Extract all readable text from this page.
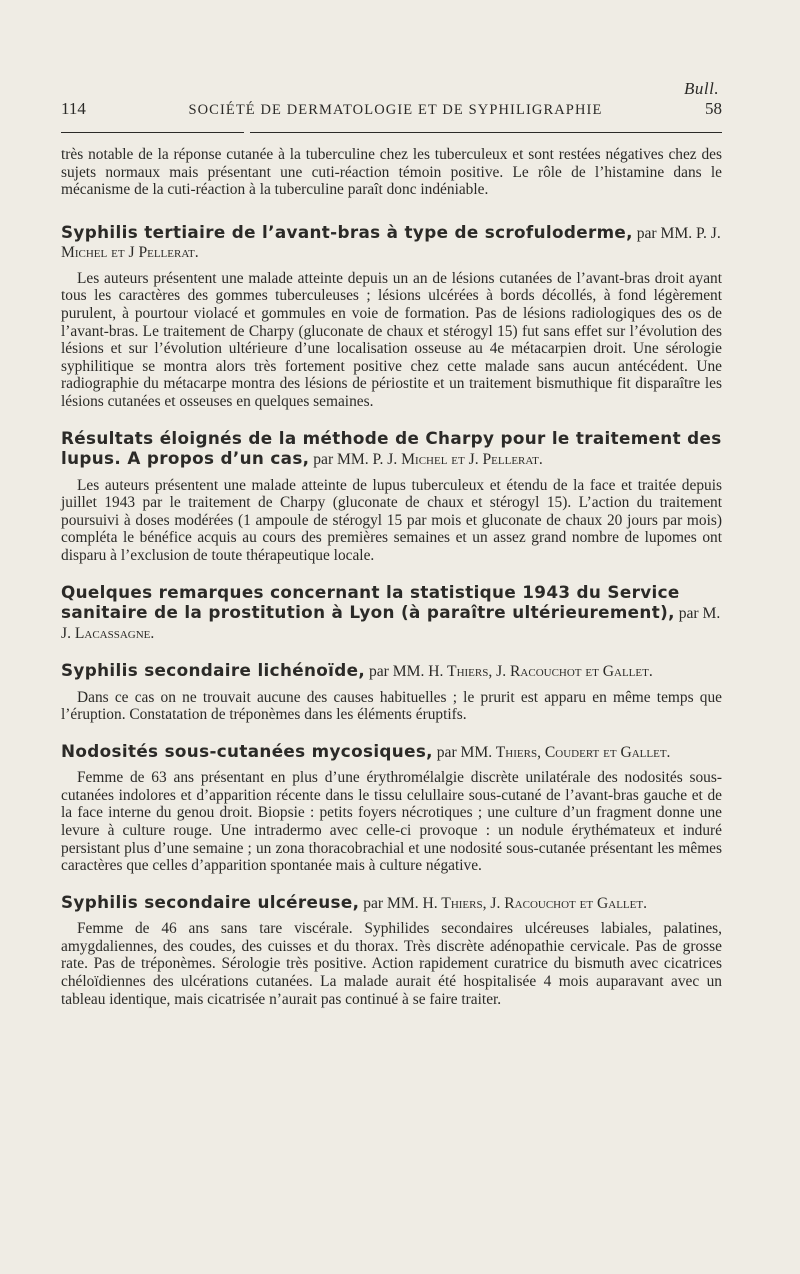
Bull.
114	SOCIÉTÉ DE DERMATOLOGIE ET DE SYPHILIGRAPHIE	58

très notable de la réponse cutanée à la tuberculine chez les tuberculeux et sont restées négatives chez des sujets normaux mais présentant une cuti-réaction témoin positive. Le rôle de l’histamine dans le mécanisme de la cuti-réaction à la tuberculine paraît donc indéniable.

Syphilis tertiaire de l’avant-bras à type de scrofuloderme, par MM. P. J. Michel et J Pellerat.

Les auteurs présentent une malade atteinte depuis un an de lésions cutanées de l’avant-bras droit ayant tous les caractères des gommes tuberculeuses ; lésions ulcérées à bords décollés, à fond légèrement purulent, à pourtour violacé et gommules en voie de formation. Pas de lésions radiologiques des os de l’avant-bras. Le traitement de Charpy (gluconate de chaux et stérogyl 15) fut sans effet sur l’évolution des lésions et sur l’évolution ultérieure d’une localisation osseuse au 4e métacarpien droit. Une sérologie syphilitique se montra alors très fortement positive chez cette malade sans aucun antécédent. Une radiographie du métacarpe montra des lésions de périostite et un traitement bismuthique fit disparaître les lésions cutanées et osseuses en quelques semaines.

Résultats éloignés de la méthode de Charpy pour le traitement des lupus. A propos d’un cas, par MM. P. J. Michel et J. Pellerat.

Les auteurs présentent une malade atteinte de lupus tuberculeux et étendu de la face et traitée depuis juillet 1943 par le traitement de Charpy (gluconate de chaux et stérogyl 15). L’action du traitement poursuivi à doses modérées (1 ampoule de stérogyl 15 par mois et gluconate de chaux 20 jours par mois) compléta le bénéfice acquis au cours des premières semaines et un assez grand nombre de lupomes ont disparu à l’exclusion de toute thérapeutique locale.

Quelques remarques concernant la statistique 1943 du Service sanitaire de la prostitution à Lyon (à paraître ultérieurement), par M. J. Lacassagne.
Syphilis secondaire lichénoïde, par MM. H. Thiers, J. Racouchot et Gallet.

Dans ce cas on ne trouvait aucune des causes habituelles ; le prurit est apparu en même temps que l’éruption. Constatation de tréponèmes dans les éléments éruptifs.

Nodosités sous-cutanées mycosiques, par MM. Thiers, Coudert et Gallet.

Femme de 63 ans présentant en plus d’une érythromélalgie discrète unilatérale des nodosités sous-cutanées indolores et d’apparition récente dans le tissu celullaire sous-cutané de l’avant-bras gauche et de la face interne du genou droit. Biopsie : petits foyers nécrotiques ; une culture d’un fragment donne une levure à culture rouge. Une intradermo avec celle-ci provoque : un nodule érythémateux et induré persistant plus d’une semaine ; un zona thoracobrachial et une nodosité sous-cutanée présentant les mêmes caractères que celles d’apparition spontanée mais à culture négative.

Syphilis secondaire ulcéreuse, par MM. H. Thiers, J. Racouchot et Gallet.

Femme de 46 ans sans tare viscérale. Syphilides secondaires ulcéreuses labiales, palatines, amygdaliennes, des coudes, des cuisses et du thorax. Très discrète adénopathie cervicale. Pas de grosse rate. Pas de tréponèmes. Sérologie très positive. Action rapidement curatrice du bismuth avec cicatrices chéloïdiennes des ulcérations cutanées. La malade aurait été hospitalisée 4 mois auparavant avec un tableau identique, mais cicatrisée n’aurait pas continué à se faire traiter.
